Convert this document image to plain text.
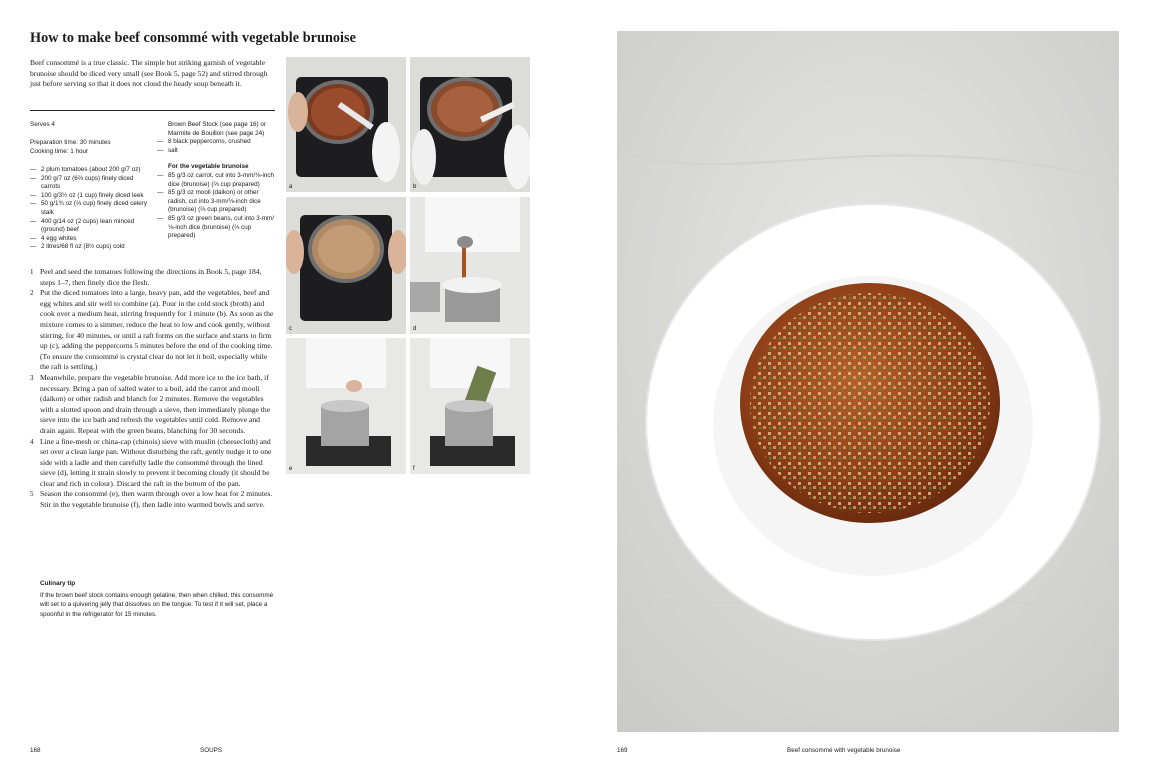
How to make beef consommé with vegetable brunoise

Beef consommé is a true classic. The simple but striking garnish of vegetable brunoise should be diced very small (see Book 5, page 52) and stirred through just before serving so that it does not cloud the heady soup beneath it.

Serves 4
Preparation time: 30 minutes
Cooking time: 1 hour
— 2 plum tomatoes (about 200 g/7 oz)
— 200 g/7 oz (6⅔ cups) finely diced carrots
— 100 g/3½ oz (1 cup) finely diced leek
— 50 g/1¾ oz (⅔ cup) finely diced celery stalk
— 400 g/14 oz (2 cups) lean minced (ground) beef
— 4 egg whites
— 2 litres/68 fl oz (8½ cups) cold
Brown Beef Stock (see page 16) or Marmite de Bouillon (see page 24)
— 8 black peppercorns, crushed
— salt
For the vegetable brunoise
— 85 g/3 oz carrot, cut into 3-mm/⅛-inch dice (brunoise) (⅔ cup prepared)
— 85 g/3 oz mooli (daikon) or other radish, cut into 3-mm/⅛-inch dice (brunoise) (⅔ cup prepared)
— 85 g/3 oz green beans, cut into 3-mm/⅛-inch dice (brunoise) (⅔ cup prepared)
1 Peel and seed the tomatoes following the directions in Book 5, page 184, steps 1–7, then finely dice the flesh.
2 Put the diced tomatoes into a large, heavy pan, add the vegetables, beef and egg whites and stir well to combine (a). Pour in the cold stock (broth) and cook over a medium heat, stirring frequently for 1 minute (b). As soon as the mixture comes to a simmer, reduce the heat to low and cook gently, without stirring, for 40 minutes, or until a raft forms on the surface and starts to firm up (c), adding the peppercorns 5 minutes before the end of the cooking time. (To ensure the consommé is crystal clear do not let it boil, especially while the raft is settling.)
3 Meanwhile, prepare the vegetable brunoise. Add more ice to the ice bath, if necessary. Bring a pan of salted water to a boil, add the carrot and mooli (daikon) or other radish and blanch for 2 minutes. Remove the vegetables with a slotted spoon and drain through a sieve, then immediately plunge the sieve into the ice bath and refresh the vegetables until cold. Remove and drain again. Repeat with the green beans, blanching for 30 seconds.
4 Line a fine-mesh or china-cap (chinois) sieve with muslin (cheesecloth) and set over a clean large pan. Without disturbing the raft, gently nudge it to one side with a ladle and then carefully ladle the consommé through the lined sieve (d), letting it strain slowly to prevent it becoming cloudy (it should be clear and rich in colour). Discard the raft in the bottom of the pan.
5 Season the consommé (e), then warm through over a low heat for 2 minutes. Stir in the vegetable brunoise (f), then ladle into warmed bowls and serve.
Culinary tip
If the brown beef stock contains enough gelatine, then when chilled, this consommé will set to a quivering jelly that dissolves on the tongue. To test if it will set, place a spoonful in the refrigerator for 15 minutes.
a	b
c	d
e	f
168	SOUPS	169	Beef consommé with vegetable brunoise
